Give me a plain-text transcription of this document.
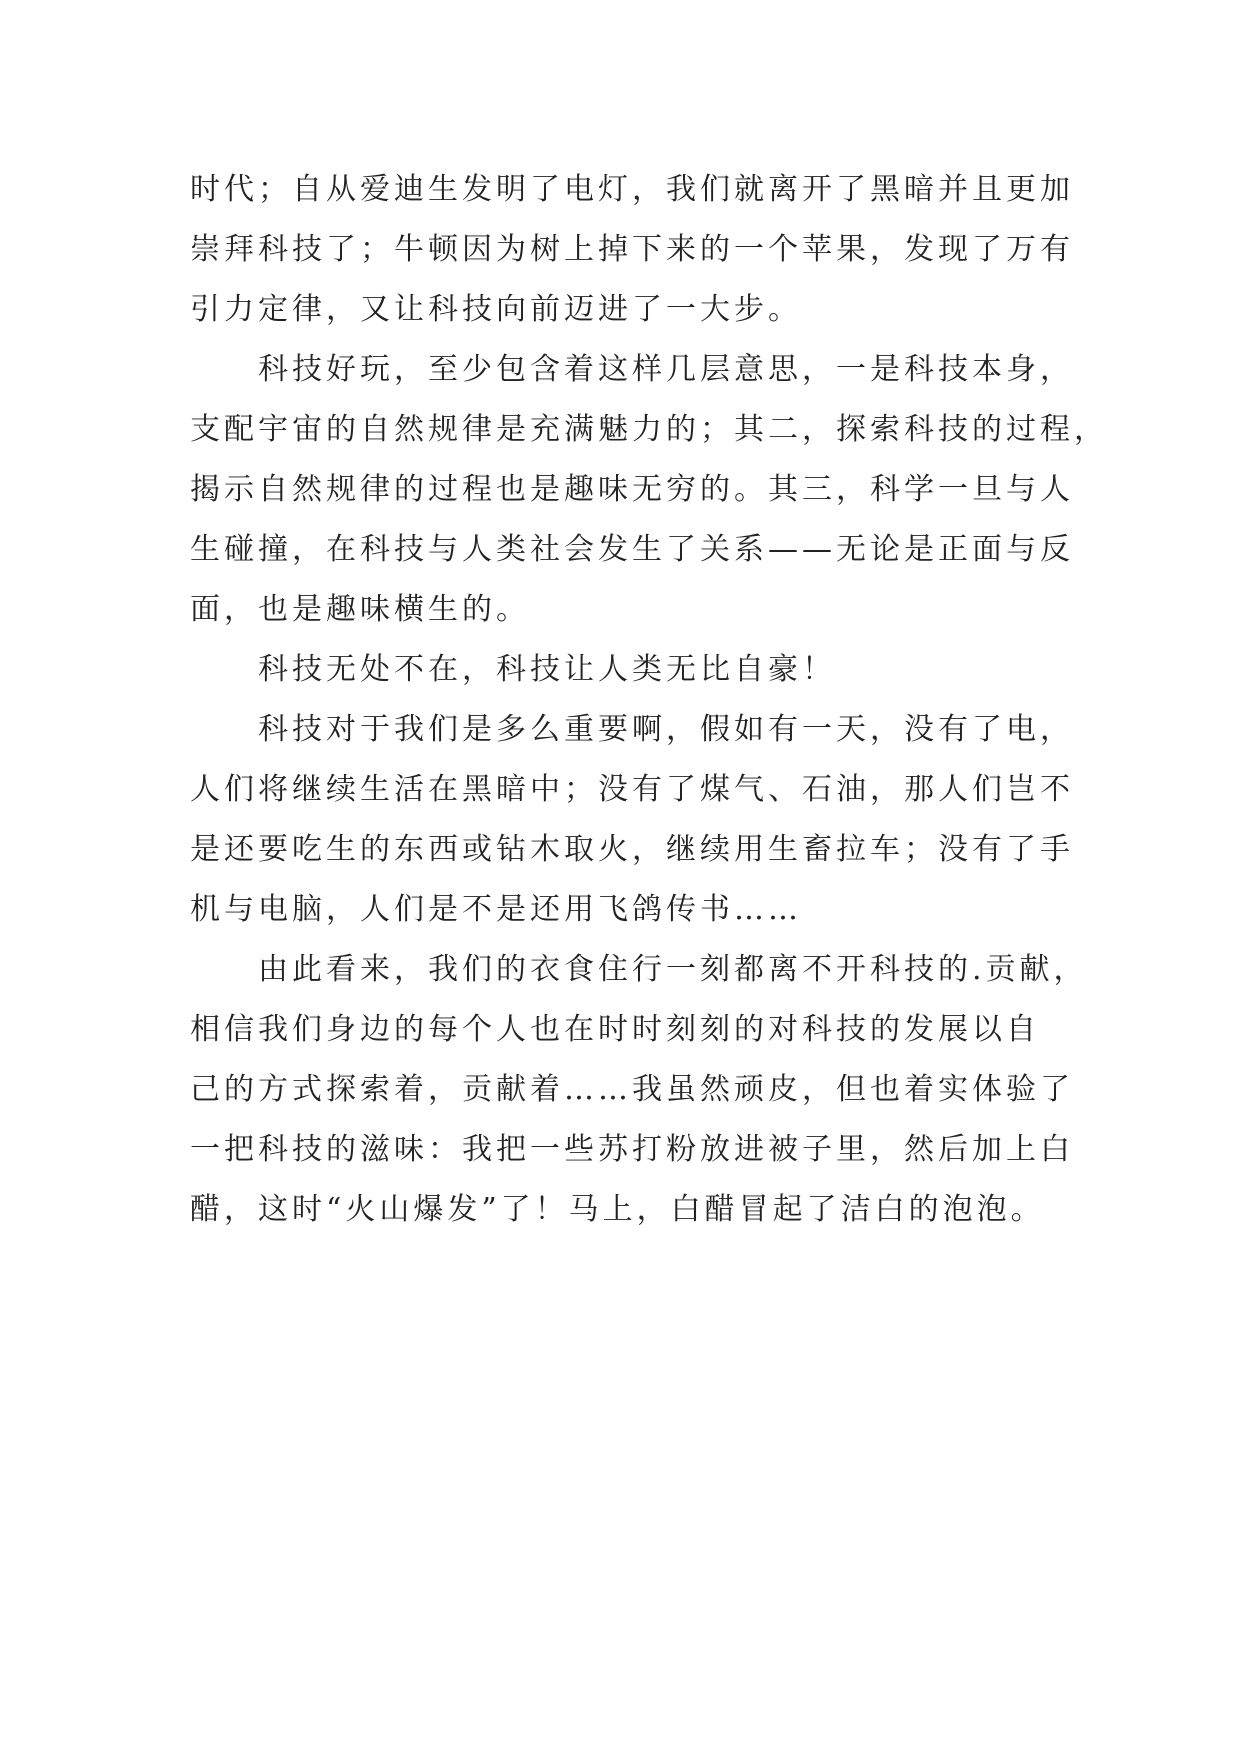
时代；自从爱迪生发明了电灯，我们就离开了黑暗并且更加
崇拜科技了；牛顿因为树上掉下来的一个苹果，发现了万有
引力定律，又让科技向前迈进了一大步。
科技好玩，至少包含着这样几层意思，一是科技本身，
支配宇宙的自然规律是充满魅力的；其二，探索科技的过程，
揭示自然规律的过程也是趣味无穷的。其三，科学一旦与人
生碰撞，在科技与人类社会发生了关系——无论是正面与反
面，也是趣味横生的。
科技无处不在，科技让人类无比自豪！
科技对于我们是多么重要啊，假如有一天，没有了电，
人们将继续生活在黑暗中；没有了煤气、石油，那人们岂不
是还要吃生的东西或钻木取火，继续用生畜拉车；没有了手
机与电脑，人们是不是还用飞鸽传书……
由此看来，我们的衣食住行一刻都离不开科技的.贡献，
相信我们身边的每个人也在时时刻刻的对科技的发展以自
己的方式探索着，贡献着……我虽然顽皮，但也着实体验了
一把科技的滋味：我把一些苏打粉放进被子里，然后加上白
醋，这时“火山爆发”了！马上，白醋冒起了洁白的泡泡。
